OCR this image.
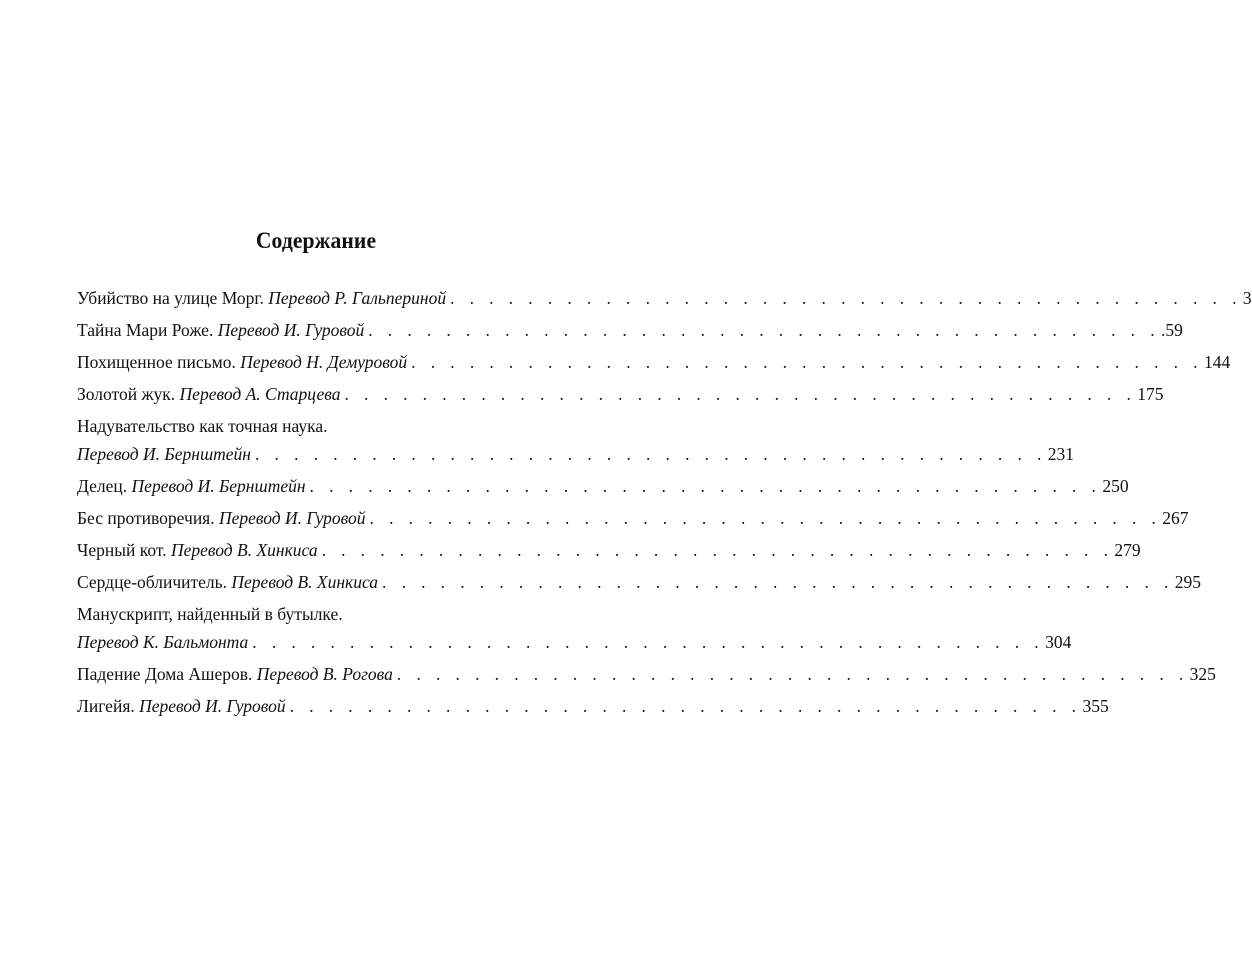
Содержание
Убийство на улице Морг.
Перевод Р. Гальпериной . . . . . . . . . . . . . . . . . . . . . . . . . . . . . . . . . . . . . . . . . 3
Тайна Мари Роже.
Перевод И. Гуровой . . . . . . . . . . . . . . . . . . . . . . . . . . . . . . . . . . . . . . . . . .59
Похищенное письмо.
Перевод Н. Демуровой . . . . . . . . . . . . . . . . . . . . . . . . . . . . . . . . . . . . . . . . . 144
Золотой жук.
Перевод А. Старцева . . . . . . . . . . . . . . . . . . . . . . . . . . . . . . . . . . . . . . . . . 175
Надувательство как точная наука.
Перевод И. Бернштейн . . . . . . . . . . . . . . . . . . . . . . . . . . . . . . . . . . . . . . . . . 231
Делец.
Перевод И. Бернштейн . . . . . . . . . . . . . . . . . . . . . . . . . . . . . . . . . . . . . . . . . 250
Бес противоречия.
Перевод И. Гуровой . . . . . . . . . . . . . . . . . . . . . . . . . . . . . . . . . . . . . . . . . 267
Черный кот.
Перевод В. Хинкиса . . . . . . . . . . . . . . . . . . . . . . . . . . . . . . . . . . . . . . . . . 279
Сердце-обличитель.
Перевод В. Хинкиса . . . . . . . . . . . . . . . . . . . . . . . . . . . . . . . . . . . . . . . . . 295
Манускрипт, найденный в бутылке.
Перевод К. Бальмонта . . . . . . . . . . . . . . . . . . . . . . . . . . . . . . . . . . . . . . . . . 304
Падение Дома Ашеров.
Перевод В. Рогова . . . . . . . . . . . . . . . . . . . . . . . . . . . . . . . . . . . . . . . . . 325
Лигейя.
Перевод И. Гуровой . . . . . . . . . . . . . . . . . . . . . . . . . . . . . . . . . . . . . . . . . 355
